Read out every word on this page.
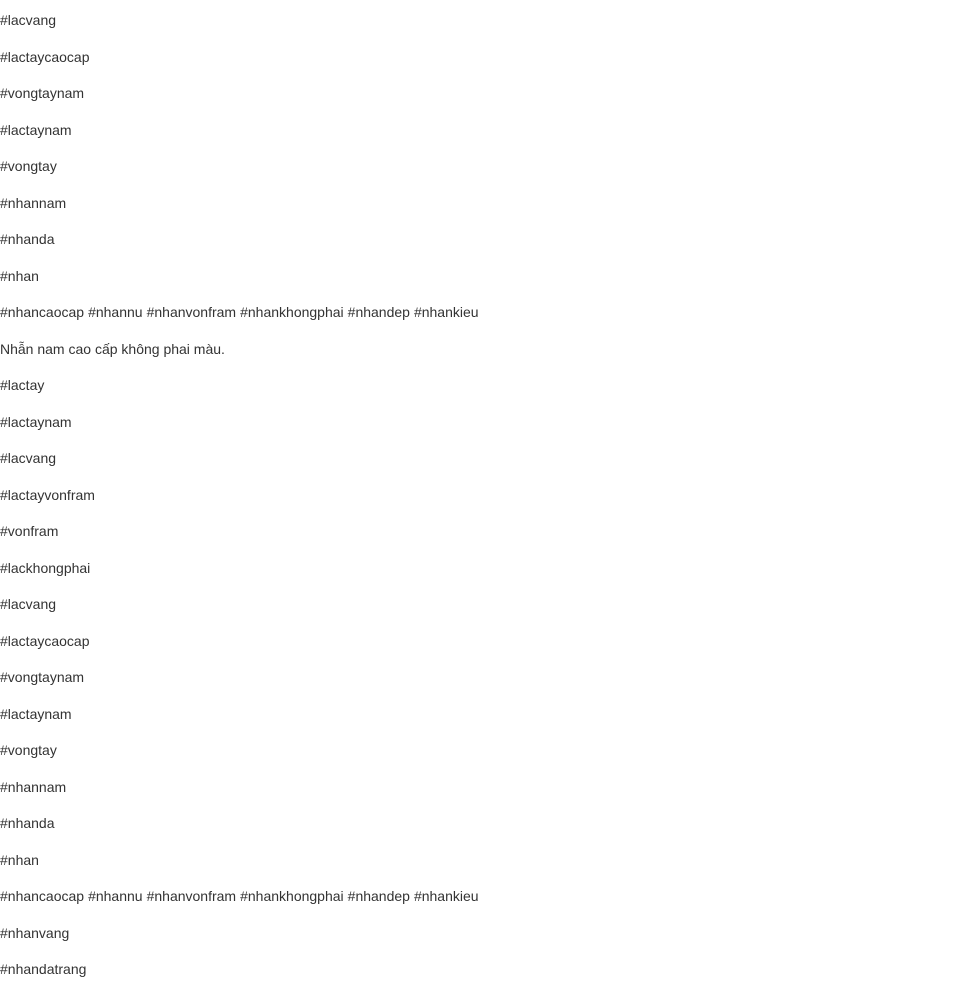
#lacvang
#lactaycaocap
#vongtaynam
#lactaynam
#vongtay
#nhannam
#nhanda
#nhan
#nhancaocap #nhannu #nhanvonfram #nhankhongphai #nhandep #nhankieu
Nhẫn nam cao cấp không phai màu.
#lactay
#lactaynam
#lacvang
#lactayvonfram
#vonfram
#lackhongphai
#lacvang
#lactaycaocap
#vongtaynam
#lactaynam
#vongtay
#nhannam
#nhanda
#nhan
#nhancaocap #nhannu #nhanvonfram #nhankhongphai #nhandep #nhankieu
#nhanvang
#nhandatrang
